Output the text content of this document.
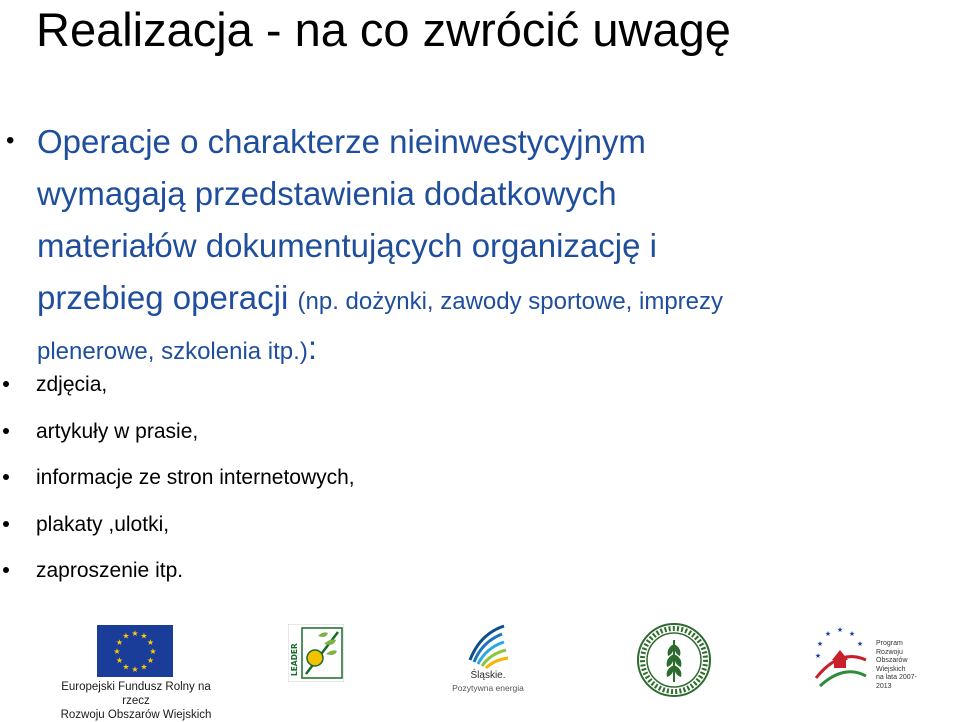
Realizacja - na co zwrócić uwagę
• Operacje o charakterze nieinwestycyjnym
wymagają przedstawienia dodatkowych
materiałów dokumentujących organizację i
przebieg operacji (np. dożynki, zawody sportowe, imprezy
plenerowe, szkolenia itp.):
zdjęcia,
artykuły w prasie,
informacje ze stron internetowych,
plakaty ,ulotki,
zaproszenie itp.
★ ★
★
★
★
★
★
★
★
★
★
★
Europejski Fundusz Rolny na rzecz
Rozwoju Obszarów Wiejskich
LEADER	Śląskie.
Pozytywna energia
★
★	★
★	★
★
Program
Rozwoju
Obszarów
Wiejskich
na lata 2007-2013
